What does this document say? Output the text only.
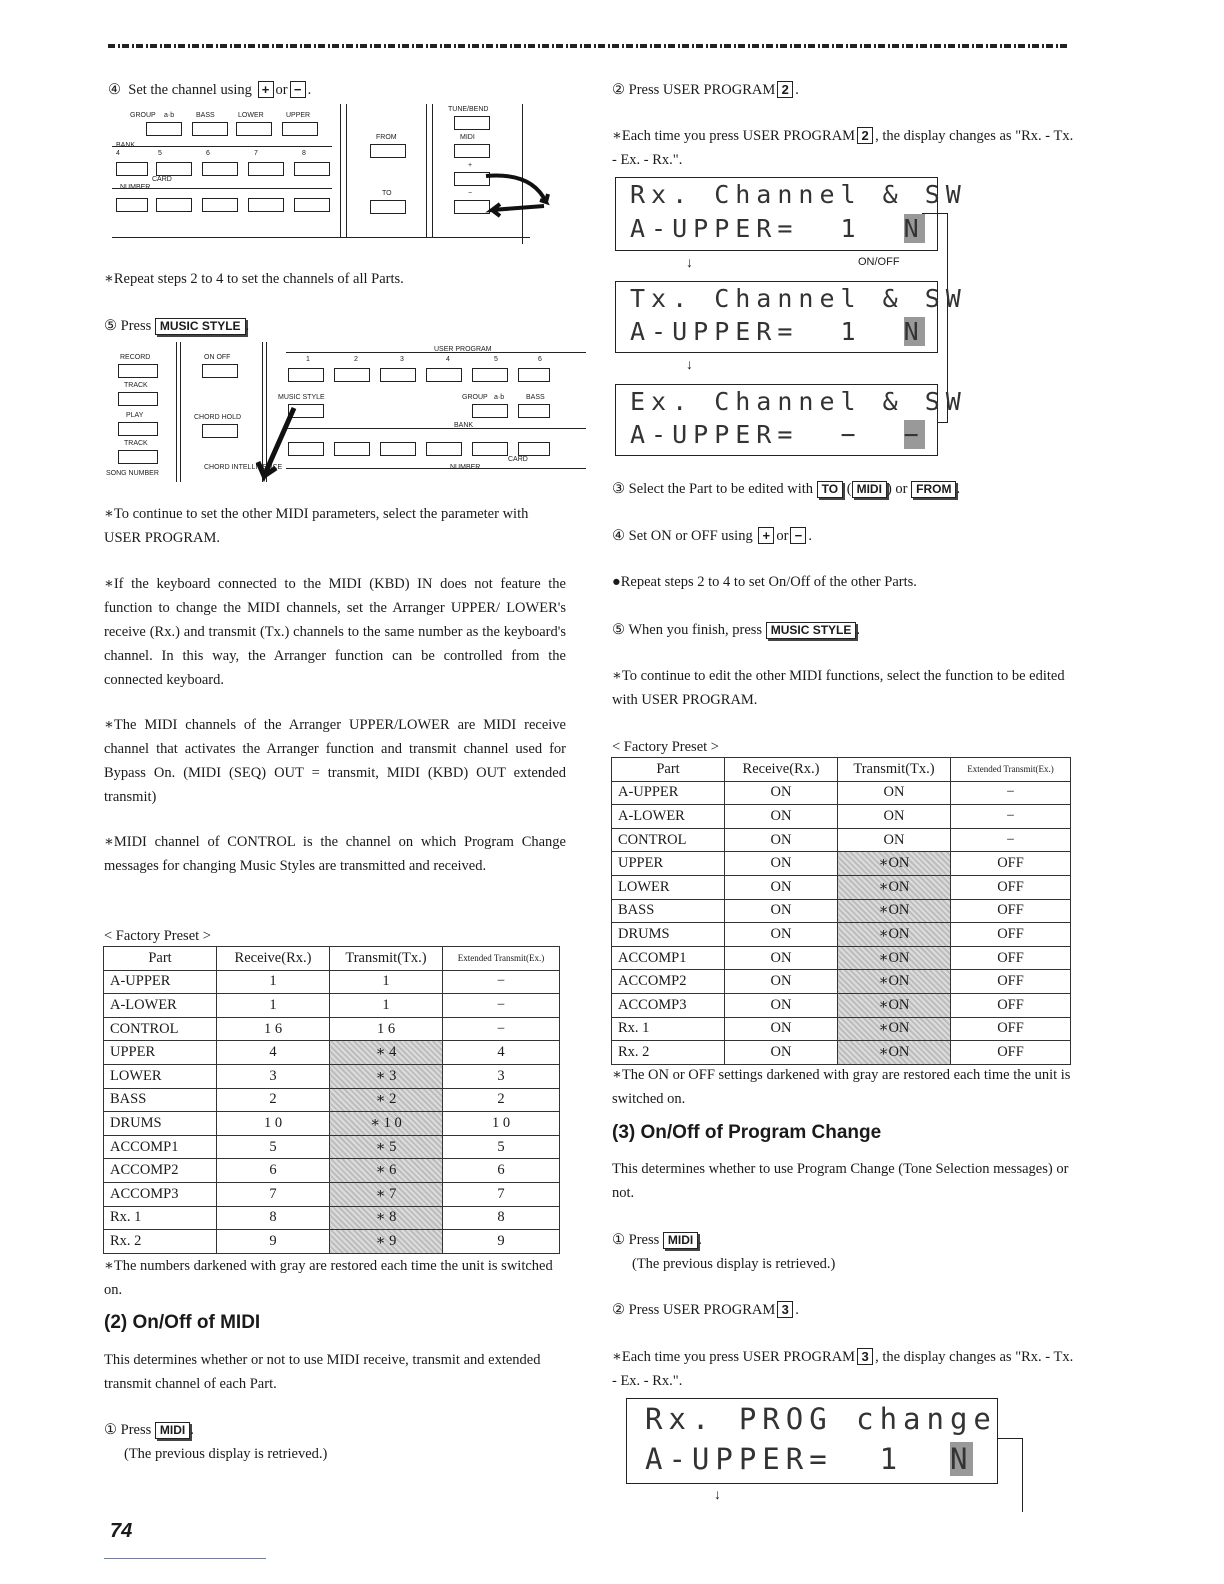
④ Set the channel using + or − .
GROUP a·b	BASS	LOWER	UPPER
BANK
4	5	6	7	8
CARD
NUMBER
TUNE/BEND
FROM	MIDI
TO
+
−
∗Repeat steps 2 to 4 to set the channels of all Parts.
⑤ Press MUSIC STYLE .
RECORD
TRACK
PLAY
TRACK
SONG NUMBER
ON OFF
CHORD HOLD
CHORD INTELLIGENCE
USER PROGRAM
1	2	3	4	5	6
MUSIC STYLE	GROUP a·b	BASS
BANK
CARD
NUMBER
∗To continue to set the other MIDI parameters, select the parameter with USER PROGRAM.
∗If the keyboard connected to the MIDI (KBD) IN does not feature the function to change the MIDI channels, set the Arranger UPPER/ LOWER's receive (Rx.) and transmit (Tx.) channels to the same number as the keyboard's channel. In this way, the Arranger function can be controlled from the connected keyboard.
∗The MIDI channels of the Arranger UPPER/LOWER are MIDI receive channel that activates the Arranger function and transmit channel used for Bypass On. (MIDI (SEQ) OUT = transmit, MIDI (KBD) OUT extended transmit)
∗MIDI channel of CONTROL is the channel on which Program Change messages for changing Music Styles are transmitted and received.
< Factory Preset >
Part	Receive(Rx.)	Transmit(Tx.)	Extended Transmit(Ex.)
A-UPPER	1	1	−
A-LOWER	1	1	−
CONTROL	1 6	1 6	−
UPPER	4	∗ 4	4
LOWER	3	∗ 3	3
BASS	2	∗ 2	2
DRUMS	1 0	∗ 1 0	1 0
ACCOMP1	5	∗ 5	5
ACCOMP2	6	∗ 6	6
ACCOMP3	7	∗ 7	7
Rx. 1	8	∗ 8	8
Rx. 2	9	∗ 9	9
∗The numbers darkened with gray are restored each time the unit is switched on.
(2) On/Off of MIDI
This determines whether or not to use MIDI receive, transmit and extended transmit channel of each Part.
① Press MIDI .
(The previous display is retrieved.)
74
② Press USER PROGRAM 2 .
∗Each time you press USER PROGRAM 2 , the display changes as "Rx. - Tx. - Ex. - Rx.".
Rx. Channel & SW
A-UPPER=  1  N
↓	ON/OFF
Tx. Channel & SW
A-UPPER=  1  N
↓
Ex. Channel & SW
A-UPPER=  −  −
③ Select the Part to be edited with TO ( MIDI ) or FROM .
④ Set ON or OFF using + or − .
●Repeat steps 2 to 4 to set On/Off of the other Parts.
⑤ When you finish, press MUSIC STYLE .
∗To continue to edit the other MIDI functions, select the function to be edited with USER PROGRAM.
< Factory Preset >
Part	Receive(Rx.)	Transmit(Tx.)	Extended Transmit(Ex.)
A-UPPER	ON	ON	−
A-LOWER	ON	ON	−
CONTROL	ON	ON	−
UPPER	ON	∗ON	OFF
LOWER	ON	∗ON	OFF
BASS	ON	∗ON	OFF
DRUMS	ON	∗ON	OFF
ACCOMP1	ON	∗ON	OFF
ACCOMP2	ON	∗ON	OFF
ACCOMP3	ON	∗ON	OFF
Rx. 1	ON	∗ON	OFF
Rx. 2	ON	∗ON	OFF
∗The ON or OFF settings darkened with gray are restored each time the unit is switched on.
(3) On/Off of Program Change
This determines whether to use Program Change (Tone Selection messages) or not.
① Press MIDI .
(The previous display is retrieved.)
② Press USER PROGRAM 3 .
∗Each time you press USER PROGRAM 3 , the display changes as "Rx. - Tx. - Ex. - Rx.".
Rx. PROG change
A-UPPER=  1  N
↓
